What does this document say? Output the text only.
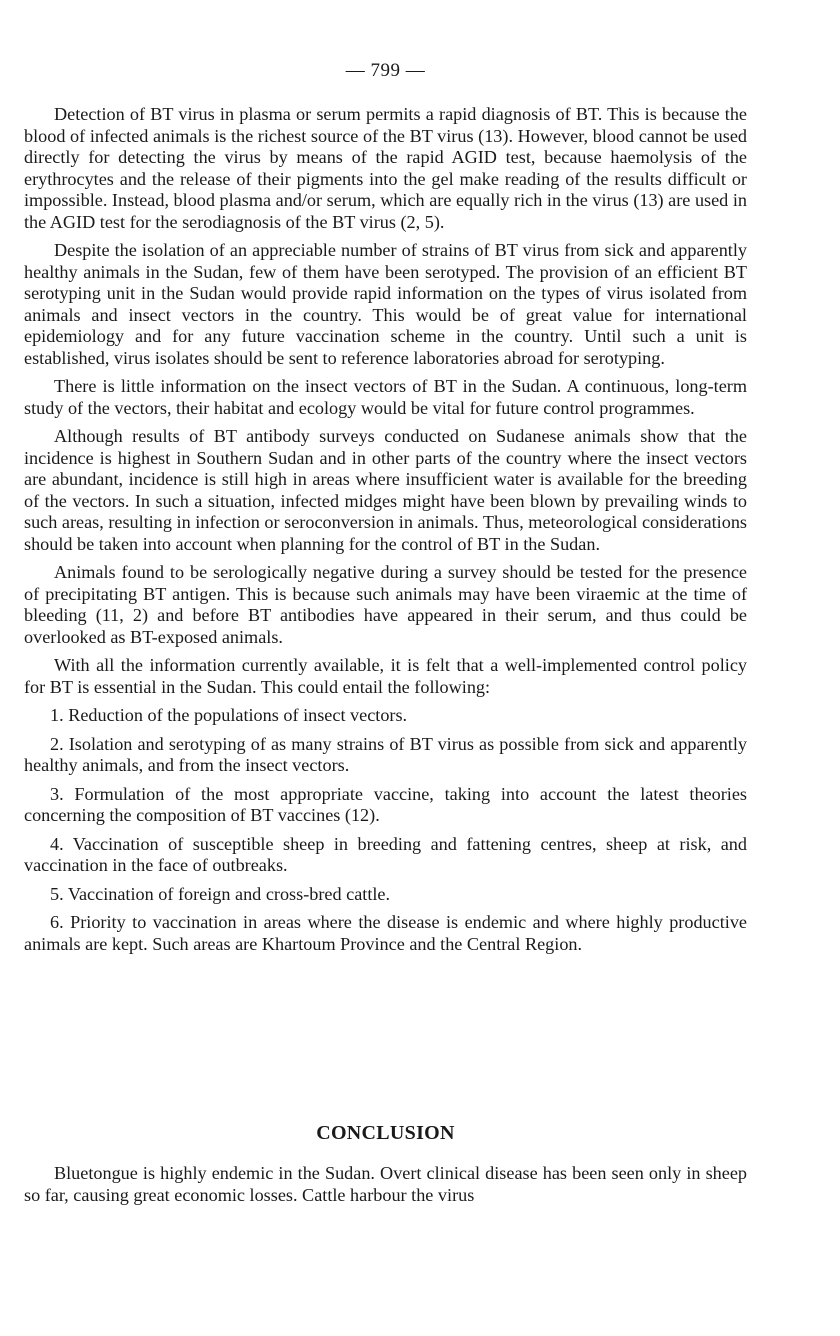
— 799 —

Detection of BT virus in plasma or serum permits a rapid diagnosis of BT. This is because the blood of infected animals is the richest source of the BT virus (13). However, blood cannot be used directly for detecting the virus by means of the rapid AGID test, because haemolysis of the erythrocytes and the release of their pigments into the gel make reading of the results difficult or impossible. Instead, blood plasma and/or serum, which are equally rich in the virus (13) are used in the AGID test for the serodiagnosis of the BT virus (2, 5).

Despite the isolation of an appreciable number of strains of BT virus from sick and apparently healthy animals in the Sudan, few of them have been serotyped. The provision of an efficient BT serotyping unit in the Sudan would provide rapid information on the types of virus isolated from animals and insect vectors in the country. This would be of great value for international epidemiology and for any future vaccination scheme in the country. Until such a unit is established, virus isolates should be sent to reference laboratories abroad for serotyping.

There is little information on the insect vectors of BT in the Sudan. A continuous, long-term study of the vectors, their habitat and ecology would be vital for future control programmes.

Although results of BT antibody surveys conducted on Sudanese animals show that the incidence is highest in Southern Sudan and in other parts of the country where the insect vectors are abundant, incidence is still high in areas where insufficient water is available for the breeding of the vectors. In such a situation, infected midges might have been blown by prevailing winds to such areas, resulting in infection or seroconversion in animals. Thus, meteorological considerations should be taken into account when planning for the control of BT in the Sudan.

Animals found to be serologically negative during a survey should be tested for the presence of precipitating BT antigen. This is because such animals may have been viraemic at the time of bleeding (11, 2) and before BT antibodies have appeared in their serum, and thus could be overlooked as BT-exposed animals.

With all the information currently available, it is felt that a well-implemented control policy for BT is essential in the Sudan. This could entail the following:

1. Reduction of the populations of insect vectors.

2. Isolation and serotyping of as many strains of BT virus as possible from sick and apparently healthy animals, and from the insect vectors.

3. Formulation of the most appropriate vaccine, taking into account the latest theories concerning the composition of BT vaccines (12).

4. Vaccination of susceptible sheep in breeding and fattening centres, sheep at risk, and vaccination in the face of outbreaks.

5. Vaccination of foreign and cross-bred cattle.

6. Priority to vaccination in areas where the disease is endemic and where highly productive animals are kept. Such areas are Khartoum Province and the Central Region.

CONCLUSION

Bluetongue is highly endemic in the Sudan. Overt clinical disease has been seen only in sheep so far, causing great economic losses. Cattle harbour the virus
